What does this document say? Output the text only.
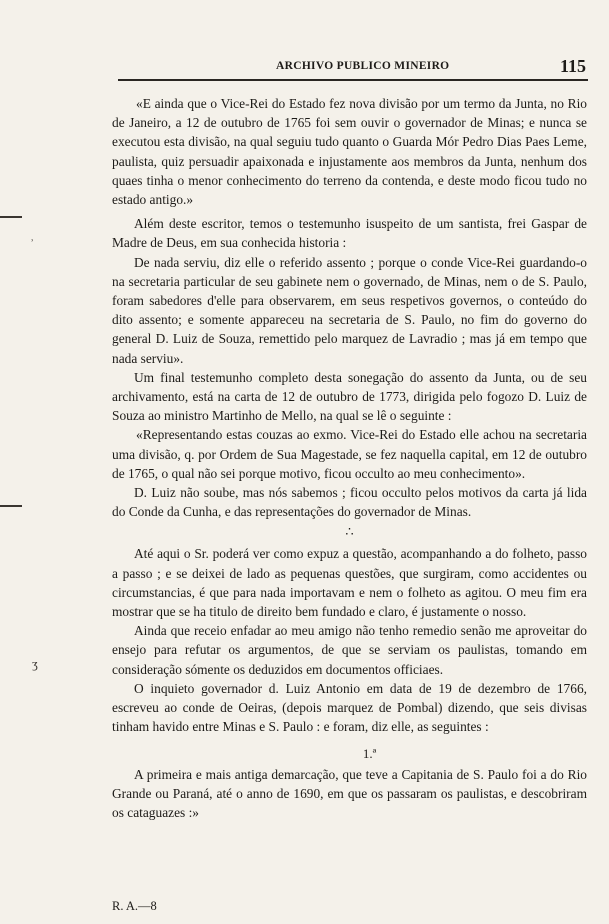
ARCHIVO PUBLICO MINEIRO	115
˒
ʒ

«E ainda que o Vice-Rei do Estado fez nova divisão por um termo da Junta, no Rio de Janeiro, a 12 de outubro de 1765 foi sem ouvir o governador de Minas; e nunca se executou esta divisão, na qual seguiu tudo quanto o Guarda Mór Pedro Dias Paes Leme, paulista, quiz persuadir apaixonada e injustamente aos membros da Junta, nenhum dos quaes tinha o menor conhecimento do terreno da contenda, e deste modo ficou tudo no estado antigo.»

Além deste escritor, temos o testemunho isuspeito de um santista, frei Gaspar de Madre de Deus, em sua conhecida historia :

De nada serviu, diz elle o referido assento ; porque o conde Vice-Rei guardando-o na secretaria particular de seu gabinete nem o governado, de Minas, nem o de S. Paulo, foram sabedores d'elle para observarem, em seus respetivos governos, o conteúdo do dito assento; e somente appareceu na secretaria de S. Paulo, no fim do governo do general D. Luiz de Souza, remettido pelo marquez de Lavradio ; mas já em tempo que nada serviu».

Um final testemunho completo desta sonegação do assento da Junta, ou de seu archivamento, está na carta de 12 de outubro de 1773, dirigida pelo fogozo D. Luiz de Souza ao ministro Martinho de Mello, na qual se lê o seguinte :

«Representando estas couzas ao exmo. Vice-Rei do Estado elle achou na secretaria uma divisão, q. por Ordem de Sua Magestade, se fez naquella capital, em 12 de outubro de 1765, o qual não sei porque motivo, ficou occulto ao meu conhecimento».

D. Luiz não soube, mas nós sabemos ; ficou occulto pelos motivos da carta já lida do Conde da Cunha, e das representações do governador de Minas.

∴

Até aqui o Sr. poderá ver como expuz a questão, acompanhando a do folheto, passo a passo ; e se deixei de lado as pequenas questões, que surgiram, como accidentes ou circumstancias, é que para nada importavam e nem o folheto as agitou. O meu fim era mostrar que se ha titulo de direito bem fundado e claro, é justamente o nosso.

Ainda que receio enfadar ao meu amigo não tenho remedio senão me aproveitar do ensejo para refutar os argumentos, de que se serviam os paulistas, tomando em consideração sómente os deduzidos em documentos officiaes.

O inquieto governador d. Luiz Antonio em data de 19 de dezembro de 1766, escreveu ao conde de Oeiras, (depois marquez de Pombal) dizendo, que seis divisas tinham havido entre Minas e S. Paulo : e foram, diz elle, as seguintes :

1.ª

A primeira e mais antiga demarcação, que teve a Capitania de S. Paulo foi a do Rio Grande ou Paraná, até o anno de 1690, em que os passaram os paulistas, e descobriram os cataguazes :»

R. A.—8
